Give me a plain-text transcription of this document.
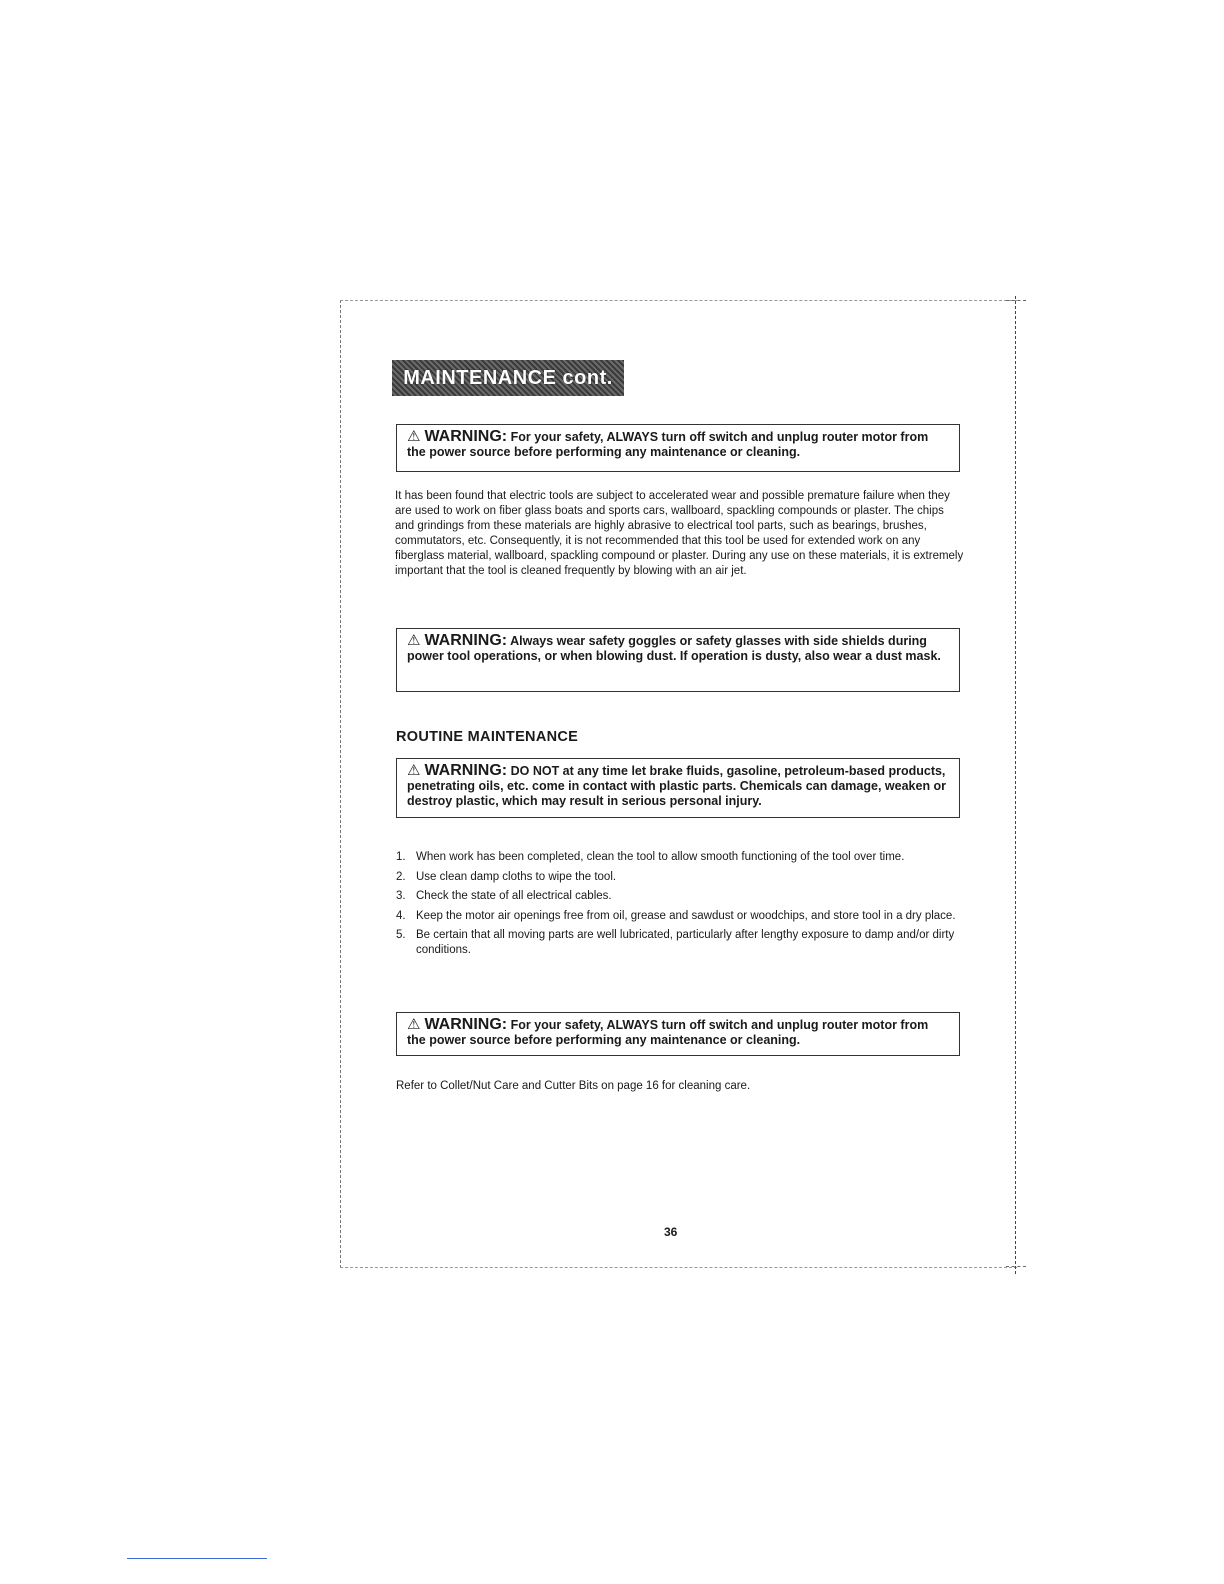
MAINTENANCE cont.
⚠ WARNING: For your safety, ALWAYS turn off switch and unplug router motor from the power source before performing any maintenance or cleaning.
It has been found that electric tools are subject to accelerated wear and possible premature failure when they are used to work on fiber glass boats and sports cars, wallboard, spackling compounds or plaster. The chips and grindings from these materials are highly abrasive to electrical tool parts, such as bearings, brushes, commutators, etc. Consequently, it is not recommended that this tool be used for extended work on any fiberglass material, wallboard, spackling compound or plaster. During any use on these materials, it is extremely important that the tool is cleaned frequently by blowing with an air jet.
⚠ WARNING: Always wear safety goggles or safety glasses with side shields during power tool operations, or when blowing dust. If operation is dusty, also wear a dust mask.
ROUTINE MAINTENANCE
⚠ WARNING: DO NOT at any time let brake fluids, gasoline, petroleum-based products, penetrating oils, etc. come in contact with plastic parts. Chemicals can damage, weaken or destroy plastic, which may result in serious personal injury.
1. When work has been completed, clean the tool to allow smooth functioning of the tool over time.
2. Use clean damp cloths to wipe the tool.
3. Check the state of all electrical cables.
4. Keep the motor air openings free from oil, grease and sawdust or woodchips, and store tool in a dry place.
5. Be certain that all moving parts are well lubricated, particularly after lengthy exposure to damp and/or dirty conditions.
⚠ WARNING: For your safety, ALWAYS turn off switch and unplug router motor from the power source before performing any maintenance or cleaning.
Refer to Collet/Nut Care and Cutter Bits on page 16 for cleaning care.
36
